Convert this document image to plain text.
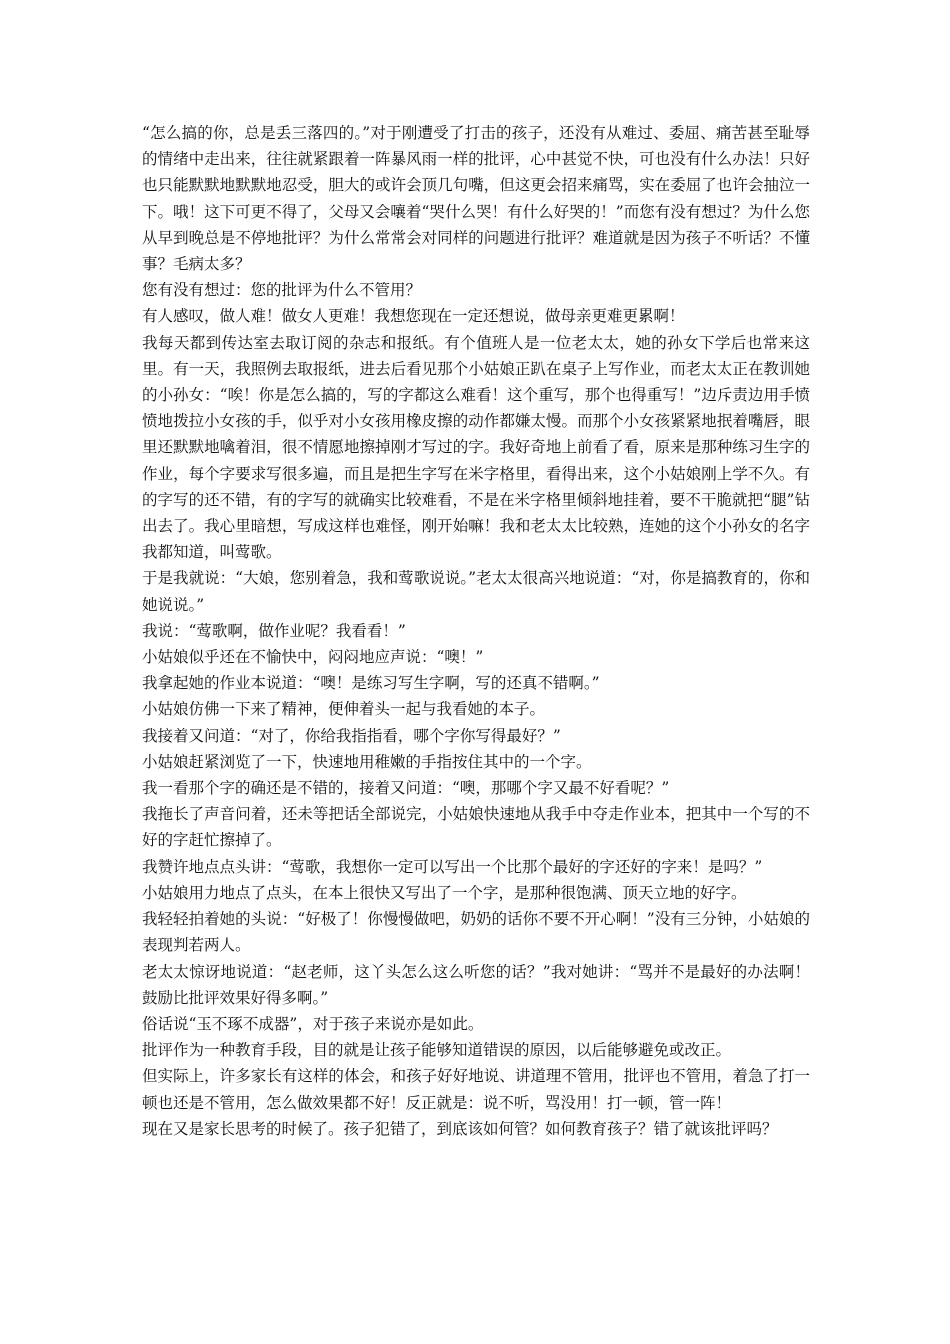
“怎么搞的你，总是丢三落四的。”对于刚遭受了打击的孩子，还没有从难过、委屈、痛苦甚至耻辱的情绪中走出来，往往就紧跟着一阵暴风雨一样的批评，心中甚觉不快，可也没有什么办法！只好也只能默默地默默地忍受，胆大的或许会顶几句嘴，但这更会招来痛骂，实在委屈了也许会抽泣一下。哦！这下可更不得了，父母又会嚷着“哭什么哭！有什么好哭的！”而您有没有想过？为什么您从早到晚总是不停地批评？为什么常常会对同样的问题进行批评？难道就是因为孩子不听话？不懂事？毛病太多？

您有没有想过：您的批评为什么不管用？

有人感叹，做人难！做女人更难！我想您现在一定还想说，做母亲更难更累啊！

我每天都到传达室去取订阅的杂志和报纸。有个值班人是一位老太太，她的孙女下学后也常来这里。有一天，我照例去取报纸，进去后看见那个小姑娘正趴在桌子上写作业，而老太太正在教训她的小孙女：“唉！你是怎么搞的，写的字都这么难看！这个重写，那个也得重写！”边斥责边用手愤愤地拨拉小女孩的手，似乎对小女孩用橡皮擦的动作都嫌太慢。而那个小女孩紧紧地抿着嘴唇，眼里还默默地噙着泪，很不情愿地擦掉刚才写过的字。我好奇地上前看了看，原来是那种练习生字的作业，每个字要求写很多遍，而且是把生字写在米字格里，看得出来，这个小姑娘刚上学不久。有的字写的还不错，有的字写的就确实比较难看，不是在米字格里倾斜地挂着，要不干脆就把“腿”钻出去了。我心里暗想，写成这样也难怪，刚开始嘛！我和老太太比较熟，连她的这个小孙女的名字我都知道，叫莺歌。

于是我就说：“大娘，您别着急，我和莺歌说说。”老太太很高兴地说道：“对，你是搞教育的，你和她说说。”

我说：“莺歌啊，做作业呢？我看看！”

小姑娘似乎还在不愉快中，闷闷地应声说：“噢！”

我拿起她的作业本说道：“噢！是练习写生字啊，写的还真不错啊。”

小姑娘仿佛一下来了精神，便伸着头一起与我看她的本子。

我接着又问道：“对了，你给我指指看，哪个字你写得最好？”

小姑娘赶紧浏览了一下，快速地用稚嫩的手指按住其中的一个字。

我一看那个字的确还是不错的，接着又问道：“噢，那哪个字又最不好看呢？”

我拖长了声音问着，还未等把话全部说完，小姑娘快速地从我手中夺走作业本，把其中一个写的不好的字赶忙擦掉了。

我赞许地点点头讲：“莺歌，我想你一定可以写出一个比那个最好的字还好的字来！是吗？”

小姑娘用力地点了点头，在本上很快又写出了一个字，是那种很饱满、顶天立地的好字。

我轻轻拍着她的头说：“好极了！你慢慢做吧，奶奶的话你不要不开心啊！”没有三分钟，小姑娘的表现判若两人。

老太太惊讶地说道：“赵老师，这丫头怎么这么听您的话？”我对她讲：“骂并不是最好的办法啊！鼓励比批评效果好得多啊。”

俗话说“玉不琢不成器”，对于孩子来说亦是如此。

批评作为一种教育手段，目的就是让孩子能够知道错误的原因，以后能够避免或改正。

但实际上，许多家长有这样的体会，和孩子好好地说、讲道理不管用，批评也不管用，着急了打一顿也还是不管用，怎么做效果都不好！反正就是：说不听，骂没用！打一顿，管一阵！

现在又是家长思考的时候了。孩子犯错了，到底该如何管？如何教育孩子？错了就该批评吗？
